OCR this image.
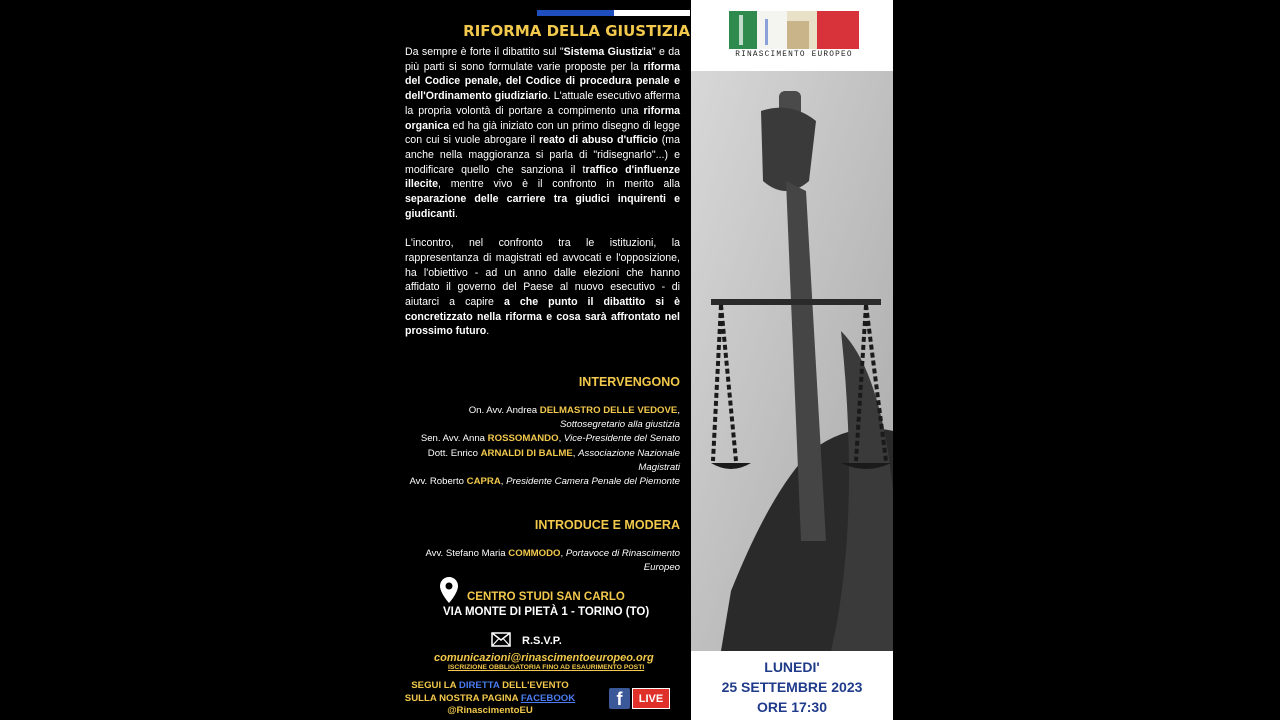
RIFORMA DELLA GIUSTIZIA

Da sempre è forte il dibattito sul "Sistema Giustizia" e da più parti si sono formulate varie proposte per la riforma del Codice penale, del Codice di procedura penale e dell'Ordinamento giudiziario. L'attuale esecutivo afferma la propria volontà di portare a compimento una riforma organica ed ha già iniziato con un primo disegno di legge con cui si vuole abrogare il reato di abuso d'ufficio (ma anche nella maggioranza si parla di "ridisegnarlo"...) e modificare quello che sanziona il traffico d'influenze illecite, mentre vivo è il confronto in merito alla separazione delle carriere tra giudici inquirenti e giudicanti.

L'incontro, nel confronto tra le istituzioni, la rappresentanza di magistrati ed avvocati e l'opposizione, ha l'obiettivo - ad un anno dalle elezioni che hanno affidato il governo del Paese al nuovo esecutivo - di aiutarci a capire a che punto il dibattito si è concretizzato nella riforma e cosa sarà affrontato nel prossimo futuro.

INTERVENGONO
On. Avv. Andrea DELMASTRO DELLE VEDOVE,
Sottosegretario alla giustizia
Sen. Avv. Anna ROSSOMANDO, Vice-Presidente del Senato
Dott. Enrico ARNALDI DI BALME, Associazione Nazionale Magistrati
Avv. Roberto CAPRA, Presidente Camera Penale del Piemonte
INTRODUCE E MODERA
Avv. Stefano Maria COMMODO, Portavoce di Rinascimento Europeo
CENTRO STUDI SAN CARLO
VIA MONTE DI PIETÀ 1 - TORINO (TO)
R.S.V.P.
comunicazioni@rinascimentoeuropeo.org
ISCRIZIONE OBBLIGATORIA FINO AD ESAURIMENTO POSTI
SEGUI LA DIRETTA DELL'EVENTO
SULLA NOSTRA PAGINA FACEBOOK
@RinascimentoEU
f	LIVE
RINASCIMENTO EUROPEO
LUNEDI'
25 SETTEMBRE 2023
ORE 17:30
